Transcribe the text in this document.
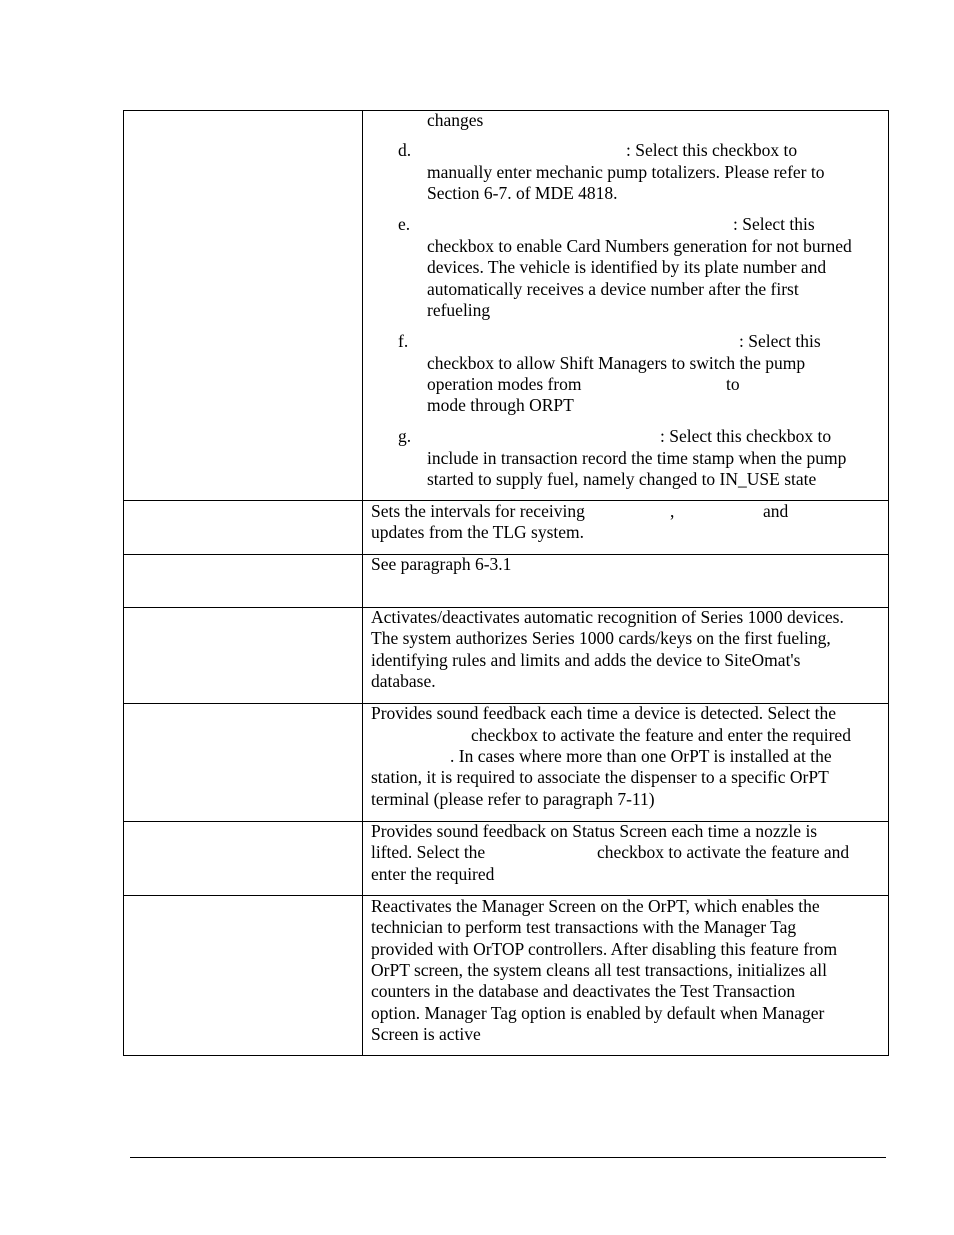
changes
d.	: Select this checkbox to
manually enter mechanic pump totalizers. Please refer to
Section 6-7. of MDE 4818.
e.	: Select this
checkbox to enable Card Numbers generation for not burned
devices. The vehicle is identified by its plate number and
automatically receives a device number after the first
refueling
f.	: Select this
checkbox to allow Shift Managers to switch the pump
operation modes from	to
mode through ORPT
g.	: Select this checkbox to
include in transaction record the time stamp when the pump
started to supply fuel, namely changed to IN_USE state
Sets the intervals for receiving	,	and
updates from the TLG system.
See paragraph 6-3.1
Activates/deactivates automatic recognition of Series 1000 devices.
The system authorizes Series 1000 cards/keys on the first fueling,
identifying rules and limits and adds the device to SiteOmat's
database.
Provides sound feedback each time a device is detected. Select the
checkbox to activate the feature and enter the required
. In cases where more than one OrPT is installed at the
station, it is required to associate the dispenser to a specific OrPT
terminal (please refer to paragraph 7-11)
Provides sound feedback on Status Screen each time a nozzle is
lifted. Select the	checkbox to activate the feature and
enter the required
Reactivates the Manager Screen on the OrPT, which enables the
technician to perform test transactions with the Manager Tag
provided with OrTOP controllers. After disabling this feature from
OrPT screen, the system cleans all test transactions, initializes all
counters in the database and deactivates the Test Transaction
option. Manager Tag option is enabled by default when Manager
Screen is active
